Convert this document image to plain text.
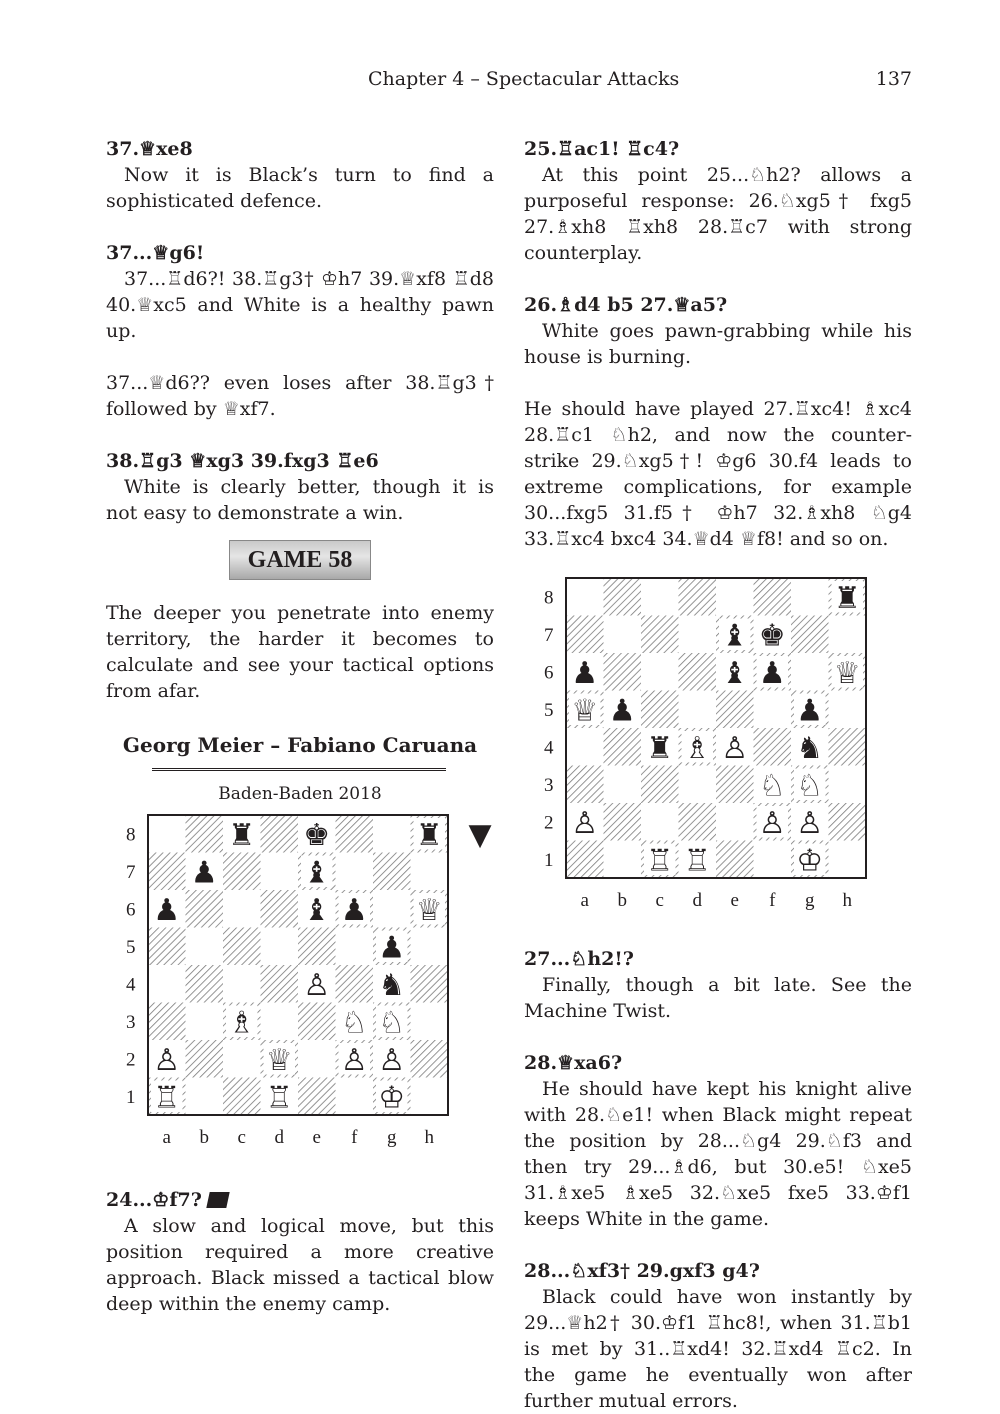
Chapter 4 – Spectacular Attacks	137

37.♕xe8

Now it is Black’s turn to find a sophisticated defence.

37...♕g6!

37...♖d6?! 38.♖g3† ♔h7 39.♕xf8 ♖d8 40.♕xc5 and White is a healthy pawn up.

37...♕d6?? even loses after 38.♖g3† followed by ♕xf7.

38.♖g3 ♕xg3 39.fxg3 ♖e6

White is clearly better, though it is not easy to demonstrate a win.

GAME 58

The deeper you penetrate into enemy territory, the harder it becomes to calculate and see your tactical options from afar.

Georg Meier – Fabiano Caruana
Baden-Baden 2018
8
7
6
5
4
3
2
1
a b c d e f g h
♜ ♚	♜
♟	♝
♟	♝ ♟ ♕
♟
♙ ♞
♗	♘ ♘
♙	♕ ♙ ♙
♖	♖	♔
▼

24...♔f7?

A slow and logical move, but this position required a more creative approach. Black missed a tactical blow deep within the enemy camp.

25.♖ac1! ♖c4?

At this point 25...♘h2? allows a purposeful response: 26.♘xg5† fxg5 27.♗xh8 ♖xh8 28.♖c7 with strong counterplay.

26.♗d4 b5 27.♕a5?

White goes pawn-grabbing while his house is burning.

He should have played 27.♖xc4! ♗xc4 28.♖c1 ♘h2, and now the counter-strike 29.♘xg5†! ♔g6 30.f4 leads to extreme complications, for example 30...fxg5 31.f5† ♔h7 32.♗xh8 ♘g4 33.♖xc4 bxc4 34.♕d4 ♕f8! and so on.

8
7
6
5
4
3
2
1
a b c d e f g h
♜
♝ ♚
♟	♝ ♟ ♕
♕ ♟	♟
♜ ♗ ♙ ♞
♘ ♘
♙	♙ ♙
♖ ♖	♔

27...♘h2!?

Finally, though a bit late. See the Machine Twist.

28.♕xa6?

He should have kept his knight alive with 28.♘e1! when Black might repeat the position by 28...♘g4 29.♘f3 and then try 29...♗d6, but 30.e5! ♘xe5 31.♗xe5 ♗xe5 32.♘xe5 fxe5 33.♔f1 keeps White in the game.

28...♘xf3† 29.gxf3 g4?

Black could have won instantly by 29...♕h2† 30.♔f1 ♖hc8!, when 31.♖b1 is met by 31..♖xd4! 32.♖xd4 ♖c2. In the game he eventually won after further mutual errors.
